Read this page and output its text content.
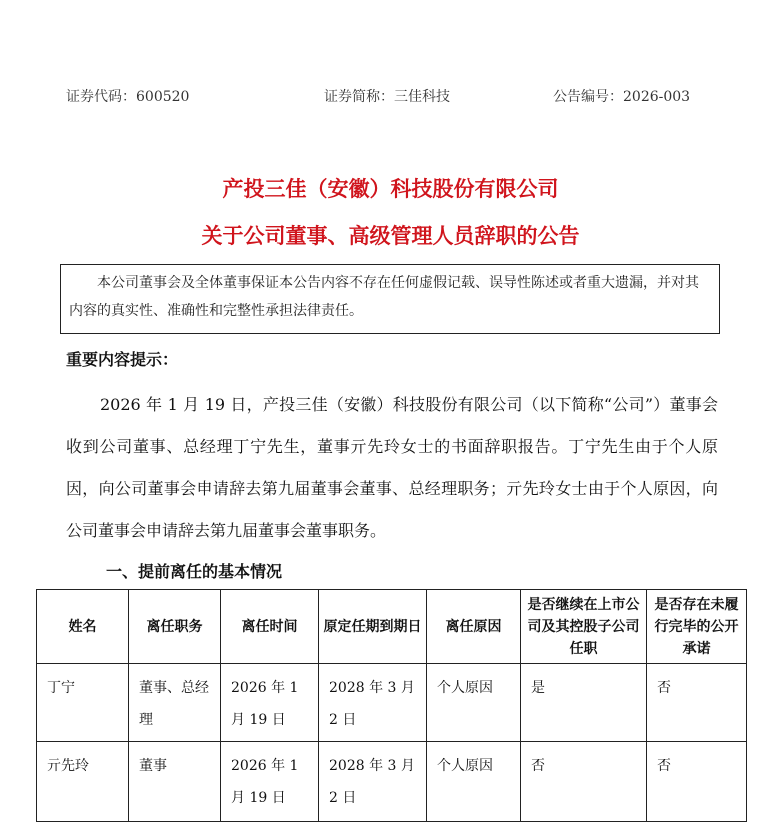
证券代码：600520	证券简称：三佳科技	公告编号：2026-003
产投三佳（安徽）科技股份有限公司
关于公司董事、高级管理人员辞职的公告
本公司董事会及全体董事保证本公告内容不存在任何虚假记载、误导性陈述或者重大遗漏，并对其内容的真实性、准确性和完整性承担法律责任。
重要内容提示：
2026 年 1 月 19 日，产投三佳（安徽）科技股份有限公司（以下简称“公司”）董事会收到公司董事、总经理丁宁先生，董事亓先玲女士的书面辞职报告。丁宁先生由于个人原因，向公司董事会申请辞去第九届董事会董事、总经理职务；亓先玲女士由于个人原因，向公司董事会申请辞去第九届董事会董事职务。
一、提前离任的基本情况
姓名	离任职务	离任时间	原定任期到期日	离任原因	是否继续在上市公司及其控股子公司任职	是否存在未履行完毕的公开承诺
丁宁	董事、总经理	2026 年 1 月 19 日	2028 年 3 月 2 日	个人原因	是	否
亓先玲	董事	2026 年 1 月 19 日	2028 年 3 月 2 日	个人原因	否	否
